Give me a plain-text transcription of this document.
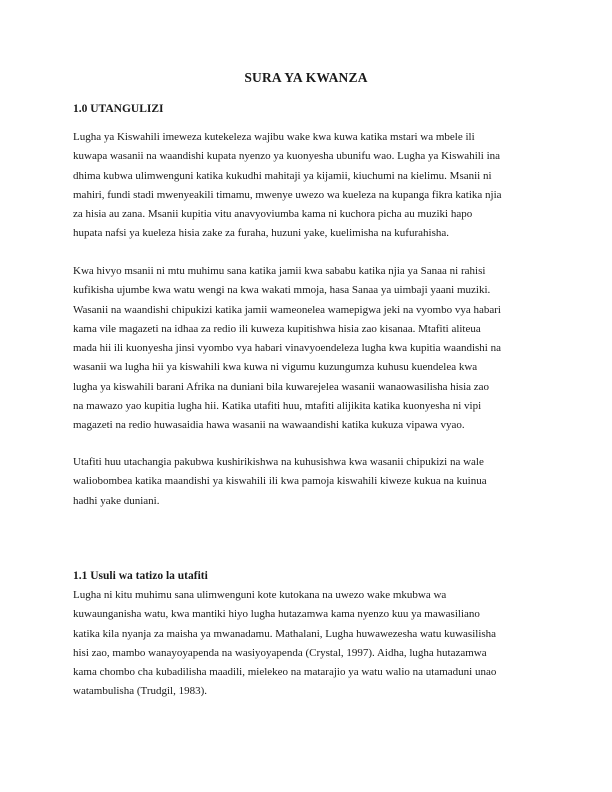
SURA YA KWANZA
1.0 UTANGULIZI
Lugha ya Kiswahili imeweza kutekeleza wajibu wake kwa kuwa katika mstari wa mbele ili
kuwapa wasanii na waandishi kupata nyenzo ya kuonyesha ubunifu wao. Lugha ya Kiswahili ina
dhima kubwa ulimwenguni katika kukudhi mahitaji ya kijamii, kiuchumi na kielimu. Msanii ni
mahiri, fundi stadi mwenyeakili timamu, mwenye uwezo wa kueleza na kupanga fikra katika njia
za hisia au zana. Msanii kupitia vitu anavyoviumba kama ni kuchora picha au muziki hapo
hupata nafsi ya kueleza hisia zake za furaha, huzuni yake, kuelimisha na kufurahisha.
Kwa hivyo msanii ni mtu muhimu sana katika jamii kwa sababu katika njia ya Sanaa ni rahisi
kufikisha ujumbe kwa watu wengi na kwa wakati mmoja, hasa Sanaa ya uimbaji yaani muziki.
Wasanii na waandishi chipukizi katika jamii wameonelea wamepigwa jeki na vyombo vya habari
kama vile magazeti na idhaa za redio ili kuweza kupitishwa hisia zao kisanaa. Mtafiti aliteua
mada hii ili kuonyesha jinsi vyombo vya habari vinavyoendeleza lugha kwa kupitia waandishi na
wasanii wa lugha hii ya kiswahili kwa kuwa ni vigumu kuzungumza kuhusu kuendelea kwa
lugha ya kiswahili barani Afrika na duniani bila kuwarejelea wasanii wanaowasilisha hisia zao
na mawazo yao kupitia lugha hii. Katika utafiti huu, mtafiti alijikita katika kuonyesha ni vipi
magazeti na redio huwasaidia hawa wasanii na wawaandishi katika kukuza vipawa vyao.
Utafiti huu utachangia pakubwa kushirikishwa na kuhusishwa kwa wasanii chipukizi na wale
waliobombea katika maandishi ya kiswahili ili kwa pamoja kiswahili kiweze kukua na kuinua
hadhi yake duniani.
1.1 Usuli wa tatizo la utafiti
Lugha ni kitu muhimu sana ulimwenguni kote kutokana na uwezo wake mkubwa wa
kuwaunganisha watu, kwa mantiki hiyo lugha hutazamwa kama nyenzo kuu ya mawasiliano
katika kila nyanja za maisha ya mwanadamu. Mathalani, Lugha huwawezesha watu kuwasilisha
hisi zao, mambo wanayoyapenda na wasiyoyapenda (Crystal, 1997). Aidha, lugha hutazamwa
kama chombo cha kubadilisha maadili, mielekeo na matarajio ya watu walio na utamaduni unao
watambulisha (Trudgil, 1983).
